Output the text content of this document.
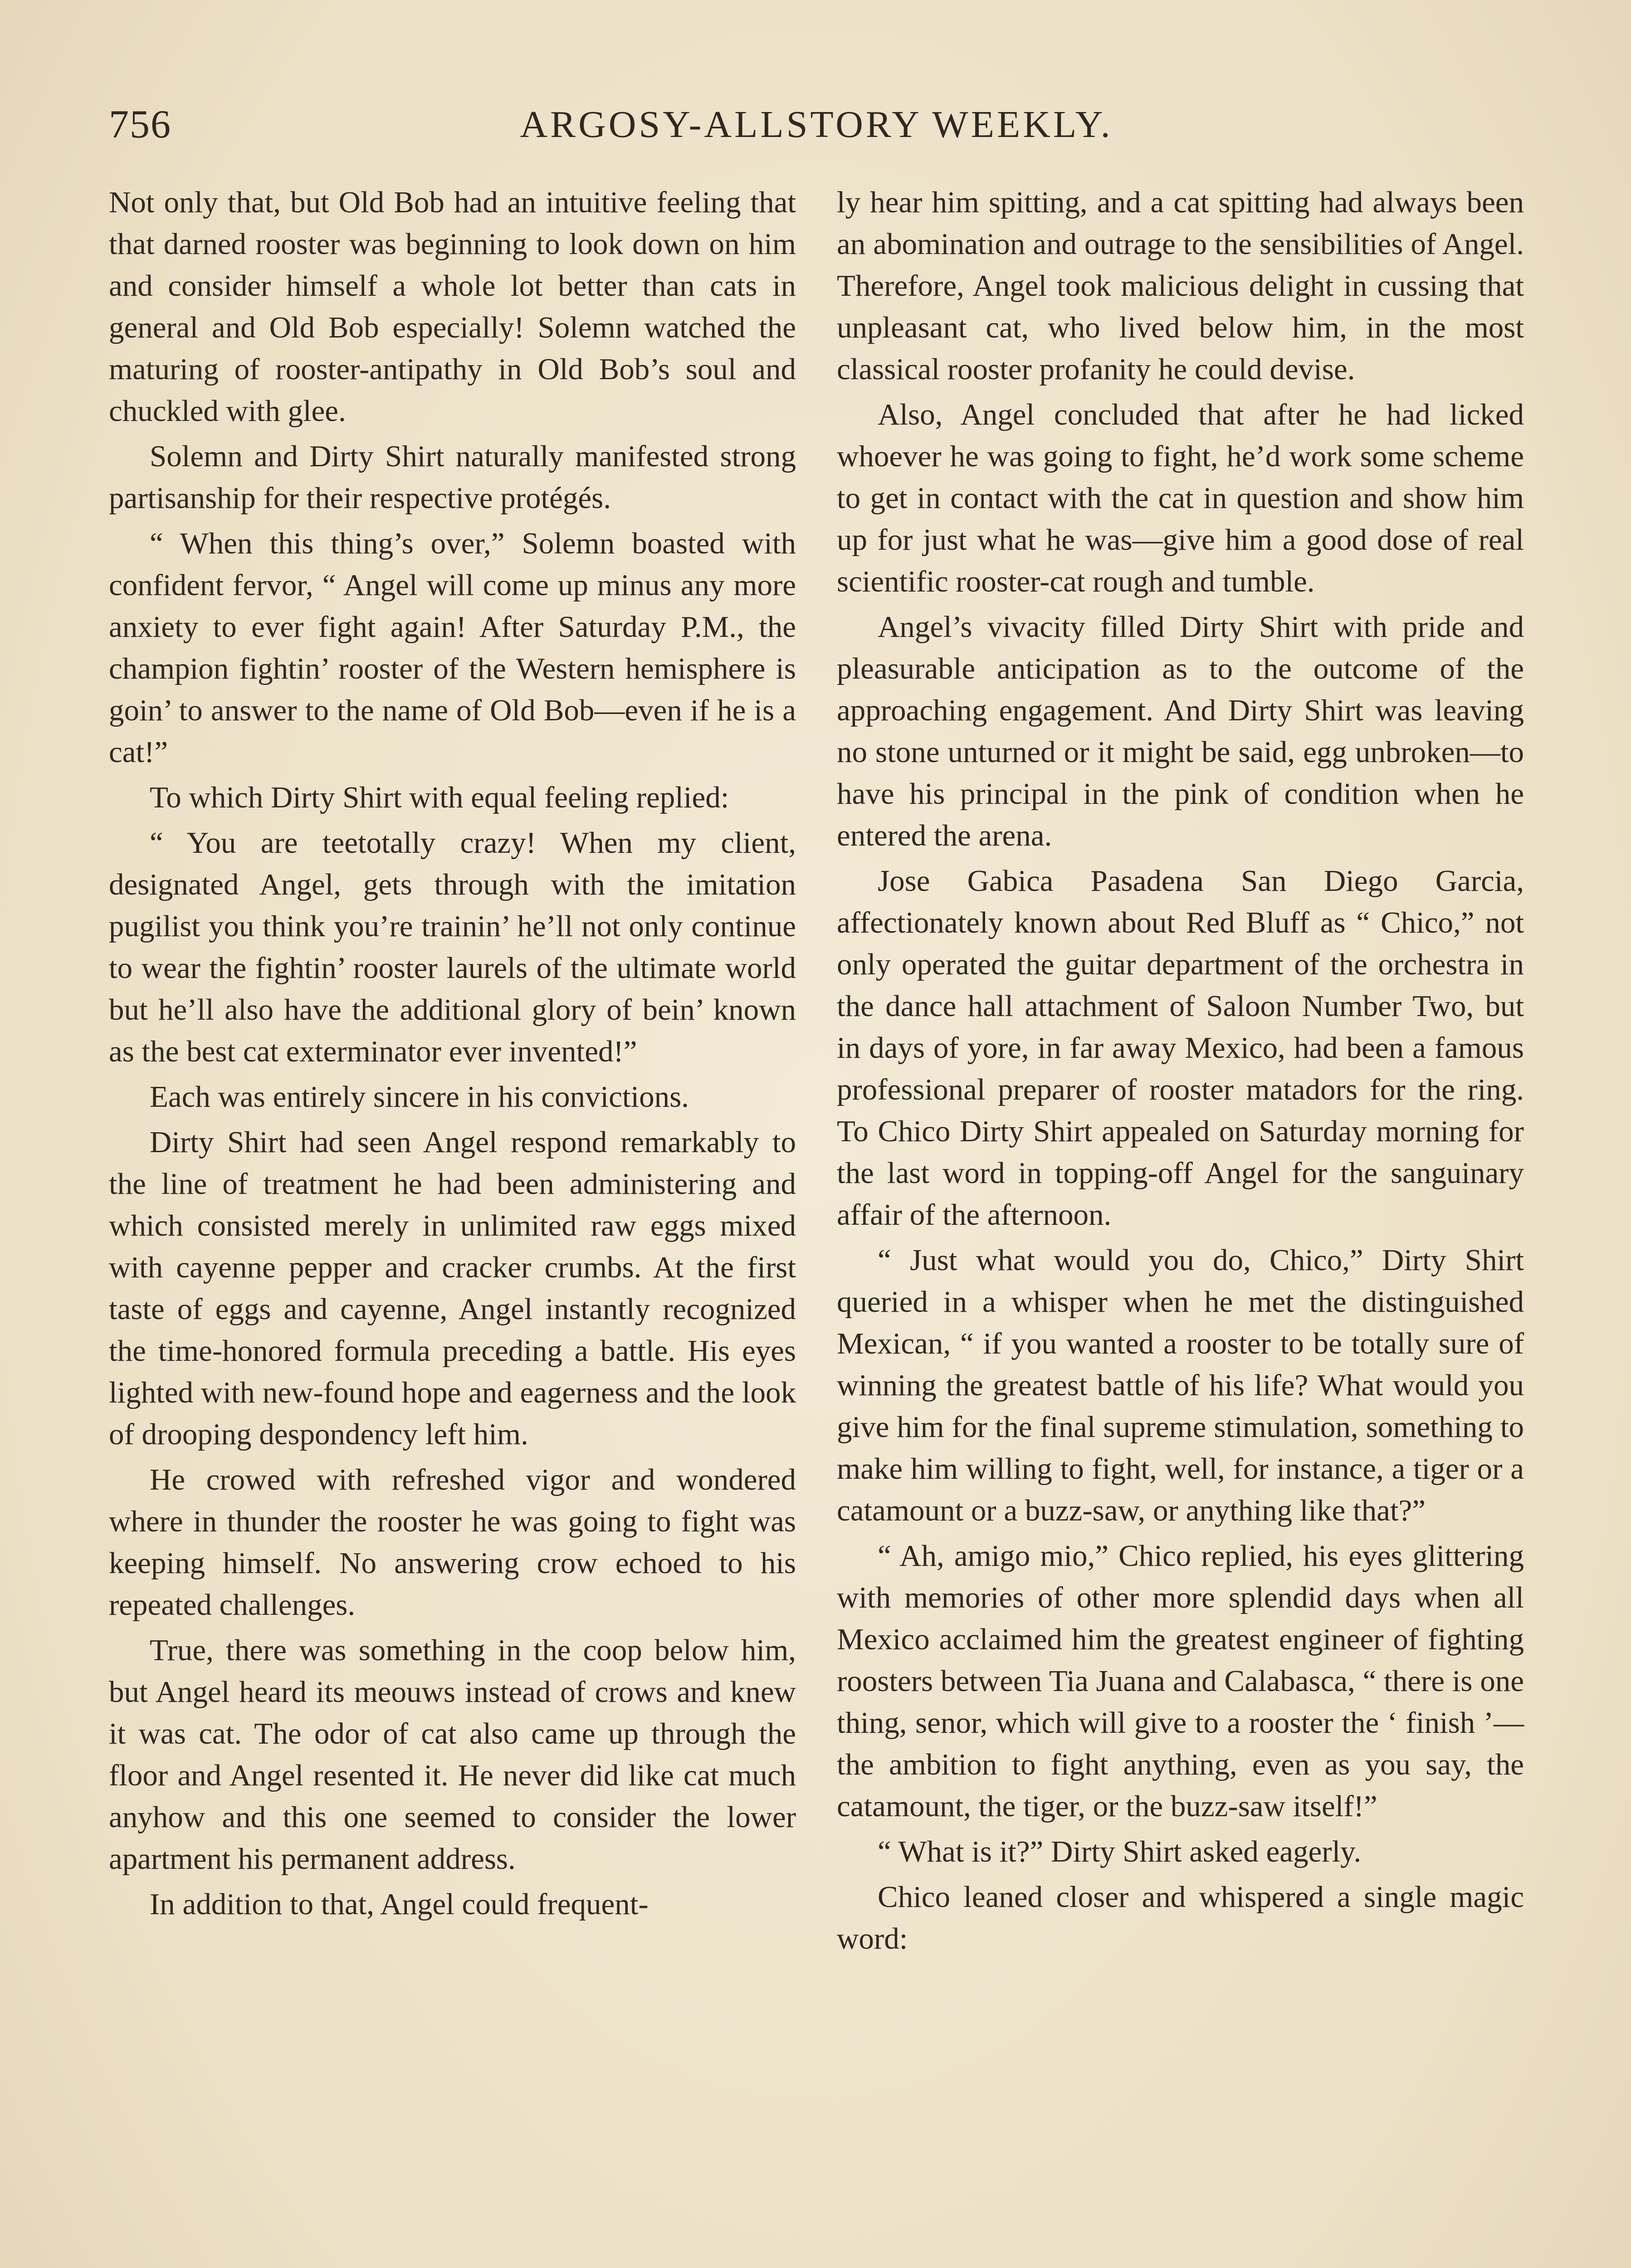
756	ARGOSY-ALLSTORY WEEKLY.

Not only that, but Old Bob had an intuitive feeling that that darned rooster was beginning to look down on him and consider himself a whole lot better than cats in general and Old Bob especially! Solemn watched the maturing of rooster-antipathy in Old Bob’s soul and chuckled with glee.

Solemn and Dirty Shirt naturally manifested strong partisanship for their respective protégés.

“ When this thing’s over,” Solemn boasted with confident fervor, “ Angel will come up minus any more anxiety to ever fight again! After Saturday P.M., the champion fightin’ rooster of the Western hemisphere is goin’ to answer to the name of Old Bob—even if he is a cat!”

To which Dirty Shirt with equal feeling replied:

“ You are teetotally crazy! When my client, designated Angel, gets through with the imitation pugilist you think you’re trainin’ he’ll not only continue to wear the fightin’ rooster laurels of the ultimate world but he’ll also have the additional glory of bein’ known as the best cat exterminator ever invented!”

Each was entirely sincere in his convictions.

Dirty Shirt had seen Angel respond remarkably to the line of treatment he had been administering and which consisted merely in unlimited raw eggs mixed with cayenne pepper and cracker crumbs. At the first taste of eggs and cayenne, Angel instantly recognized the time-honored formula preceding a battle. His eyes lighted with new-found hope and eagerness and the look of drooping despondency left him.

He crowed with refreshed vigor and wondered where in thunder the rooster he was going to fight was keeping himself. No answering crow echoed to his repeated challenges.

True, there was something in the coop below him, but Angel heard its meouws instead of crows and knew it was cat. The odor of cat also came up through the floor and Angel resented it. He never did like cat much anyhow and this one seemed to consider the lower apartment his permanent address.

In addition to that, Angel could frequent-

ly hear him spitting, and a cat spitting had always been an abomination and outrage to the sensibilities of Angel. Therefore, Angel took malicious delight in cussing that unpleasant cat, who lived below him, in the most classical rooster profanity he could devise.

Also, Angel concluded that after he had licked whoever he was going to fight, he’d work some scheme to get in contact with the cat in question and show him up for just what he was—give him a good dose of real scientific rooster-cat rough and tumble.

Angel’s vivacity filled Dirty Shirt with pride and pleasurable anticipation as to the outcome of the approaching engagement. And Dirty Shirt was leaving no stone unturned or it might be said, egg unbroken—to have his principal in the pink of condition when he entered the arena.

Jose Gabica Pasadena San Diego Garcia, affectionately known about Red Bluff as “ Chico,” not only operated the guitar department of the orchestra in the dance hall attachment of Saloon Number Two, but in days of yore, in far away Mexico, had been a famous professional preparer of rooster matadors for the ring. To Chico Dirty Shirt appealed on Saturday morning for the last word in topping-off Angel for the sanguinary affair of the afternoon.

“ Just what would you do, Chico,” Dirty Shirt queried in a whisper when he met the distinguished Mexican, “ if you wanted a rooster to be totally sure of winning the greatest battle of his life? What would you give him for the final supreme stimulation, something to make him willing to fight, well, for instance, a tiger or a catamount or a buzz-saw, or anything like that?”

“ Ah, amigo mio,” Chico replied, his eyes glittering with memories of other more splendid days when all Mexico acclaimed him the greatest engineer of fighting roosters between Tia Juana and Calabasca, “ there is one thing, senor, which will give to a rooster the ‘ finish ’—the ambition to fight anything, even as you say, the catamount, the tiger, or the buzz-saw itself!”

“ What is it?” Dirty Shirt asked eagerly.

Chico leaned closer and whispered a single magic word:
